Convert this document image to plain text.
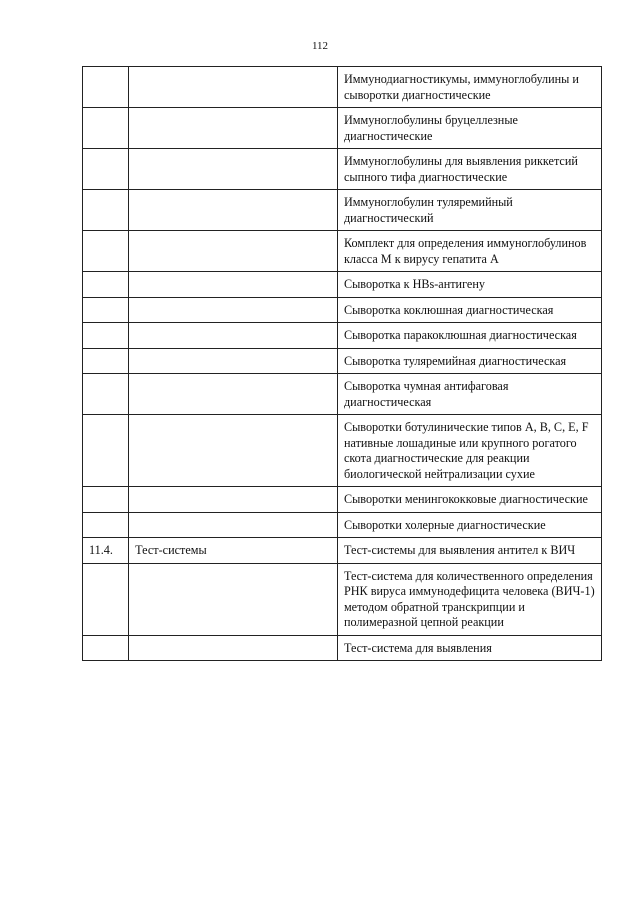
112
		Иммунодиагностикумы, иммуноглобулины и сыворотки диагностические
		Иммуноглобулины бруцеллезные диагностические
		Иммуноглобулины для выявления риккетсий сыпного тифа диагностические
		Иммуноглобулин туляремийный диагностический
		Комплект для определения иммуноглобулинов класса М к вирусу гепатита А
		Сыворотка к HBs-антигену
		Сыворотка коклюшная диагностическая
		Сыворотка паракоклюшная диагностическая
		Сыворотка туляремийная диагностическая
		Сыворотка чумная антифаговая диагностическая
		Сыворотки ботулинические типов А, В, С, Е, F нативные лошадиные или крупного рогатого скота диагностические для реакции биологической нейтрализации сухие
		Сыворотки менингококковые диагностические
		Сыворотки холерные диагностические
11.4.	Тест-системы	Тест-системы для выявления антител к ВИЧ
		Тест-система для количественного определения РНК вируса иммунодефицита человека (ВИЧ-1) методом обратной транскрипции и полимеразной цепной реакции
		Тест-система для выявления
